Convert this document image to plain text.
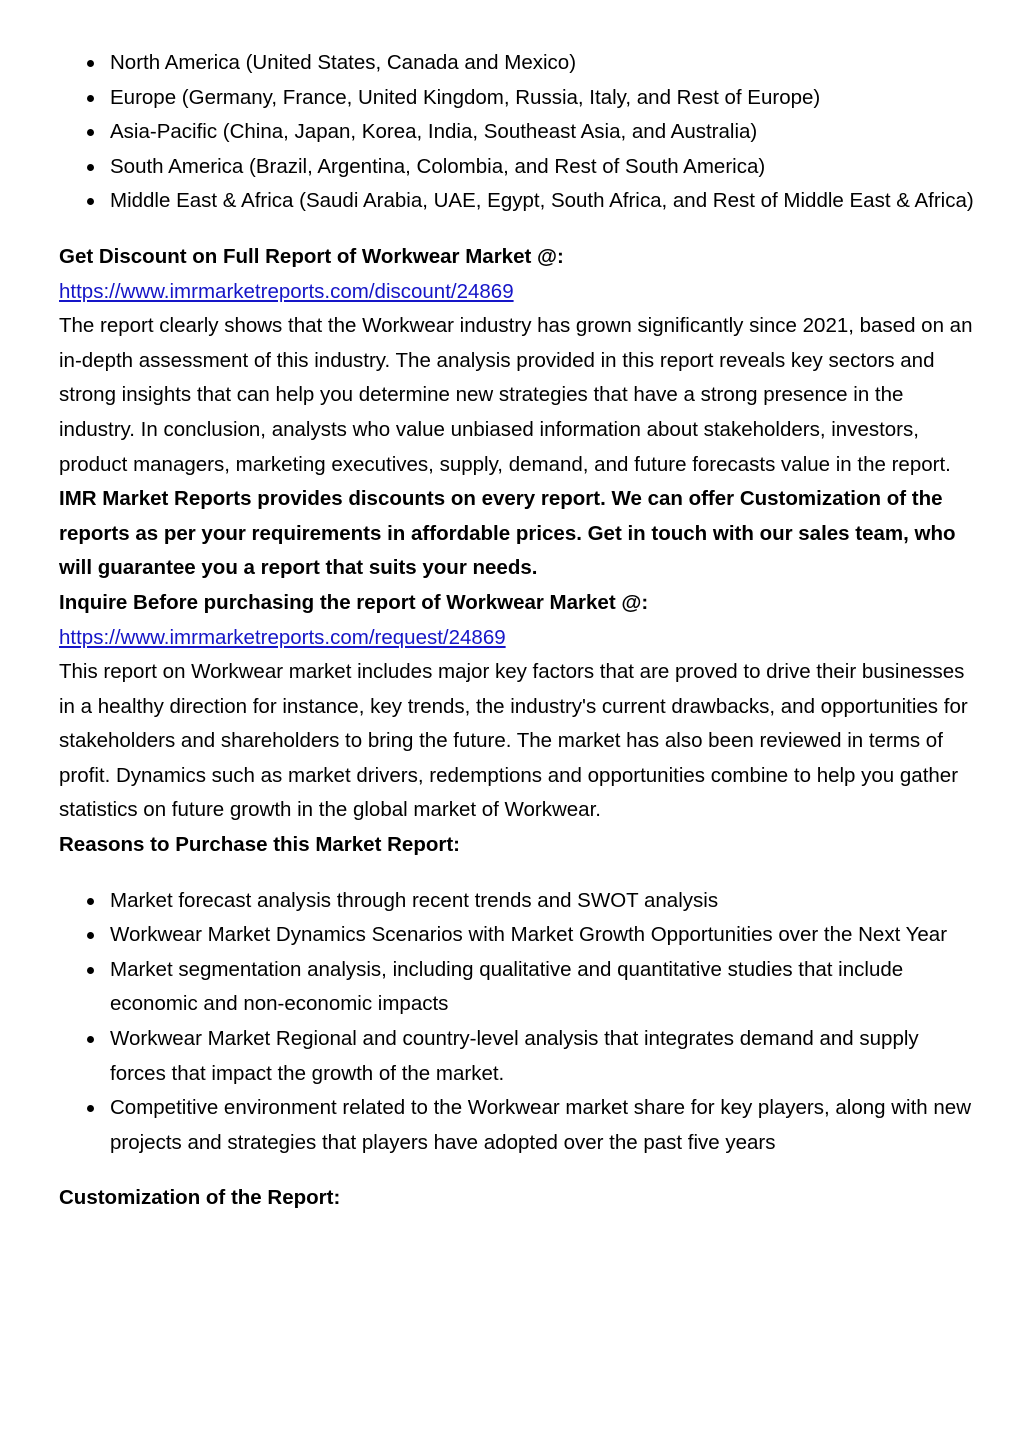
North America (United States, Canada and Mexico)
Europe (Germany, France, United Kingdom, Russia, Italy, and Rest of Europe)
Asia-Pacific (China, Japan, Korea, India, Southeast Asia, and Australia)
South America (Brazil, Argentina, Colombia, and Rest of South America)
Middle East & Africa (Saudi Arabia, UAE, Egypt, South Africa, and Rest of Middle East & Africa)

Get Discount on Full Report of Workwear Market @:

https://www.imrmarketreports.com/discount/24869

The report clearly shows that the Workwear industry has grown significantly since 2021, based on an in-depth assessment of this industry. The analysis provided in this report reveals key sectors and strong insights that can help you determine new strategies that have a strong presence in the industry. In conclusion, analysts who value unbiased information about stakeholders, investors, product managers, marketing executives, supply, demand, and future forecasts value in the report.

IMR Market Reports provides discounts on every report. We can offer Customization of the reports as per your requirements in affordable prices. Get in touch with our sales team, who will guarantee you a report that suits your needs.

Inquire Before purchasing the report of Workwear Market @:

https://www.imrmarketreports.com/request/24869

This report on Workwear market includes major key factors that are proved to drive their businesses in a healthy direction for instance, key trends, the industry's current drawbacks, and opportunities for stakeholders and shareholders to bring the future. The market has also been reviewed in terms of profit. Dynamics such as market drivers, redemptions and opportunities combine to help you gather statistics on future growth in the global market of Workwear.

Reasons to Purchase this Market Report:

Market forecast analysis through recent trends and SWOT analysis
Workwear Market Dynamics Scenarios with Market Growth Opportunities over the Next Year
Market segmentation analysis, including qualitative and quantitative studies that include economic and non-economic impacts
Workwear Market Regional and country-level analysis that integrates demand and supply forces that impact the growth of the market.
Competitive environment related to the Workwear market share for key players, along with new projects and strategies that players have adopted over the past five years

Customization of the Report:
